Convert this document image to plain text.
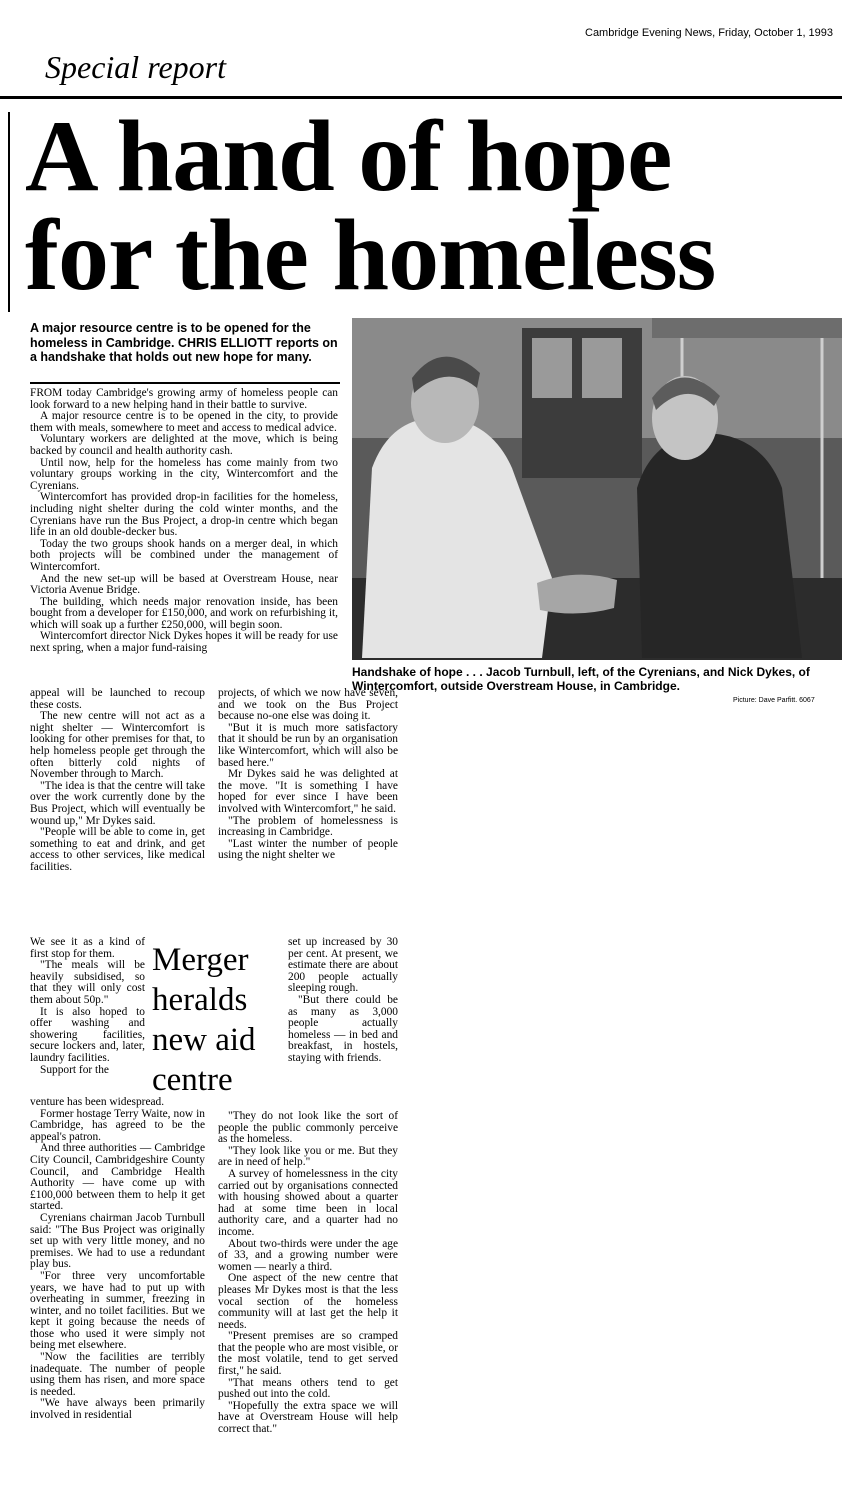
Cambridge Evening News, Friday, October 1, 1993
Special report
A hand of hope
for the homeless
A major resource centre is to be opened for the homeless in Cambridge. CHRIS ELLIOTT reports on a handshake that holds out new hope for many.
Handshake of hope . . . Jacob Turnbull, left, of the Cyrenians, and Nick Dykes, of Wintercomfort, outside Overstream House, in Cambridge.
Picture: Dave Parfitt. 6067

FROM today Cambridge's growing army of homeless people can look forward to a new helping hand in their battle to survive.

A major resource centre is to be opened in the city, to provide them with meals, somewhere to meet and access to medical advice.

Voluntary workers are delighted at the move, which is being backed by council and health authority cash.

Until now, help for the homeless has come mainly from two voluntary groups working in the city, Wintercomfort and the Cyrenians.

Wintercomfort has provided drop-in facilities for the homeless, including night shelter during the cold winter months, and the Cyrenians have run the Bus Project, a drop-in centre which began life in an old double-decker bus.

Today the two groups shook hands on a merger deal, in which both projects will be combined under the management of Wintercomfort.

And the new set-up will be based at Overstream House, near Victoria Avenue Bridge.

The building, which needs major renovation inside, has been bought from a developer for £150,000, and work on refurbishing it, which will soak up a further £250,000, will begin soon.

Wintercomfort director Nick Dykes hopes it will be ready for use next spring, when a major fund-raising

appeal will be launched to recoup these costs.

The new centre will not act as a night shelter — Wintercomfort is looking for other premises for that, to help homeless people get through the often bitterly cold nights of November through to March.

"The idea is that the centre will take over the work currently done by the Bus Project, which will eventually be wound up," Mr Dykes said.

"People will be able to come in, get something to eat and drink, and get access to other services, like medical facilities.

projects, of which we now have seven, and we took on the Bus Project because no-one else was doing it.

"But it is much more satisfactory that it should be run by an organisation like Wintercomfort, which will also be based here."

Mr Dykes said he was delighted at the move. "It is something I have hoped for ever since I have been involved with Wintercomfort," he said.

"The problem of homelessness is increasing in Cambridge.

"Last winter the number of people using the night shelter we

We see it as a kind of first stop for them.

"The meals will be heavily subsidised, so that they will only cost them about 50p."

It is also hoped to offer washing and showering facilities, secure lockers and, later, laundry facilities.

Support for the

Merger heralds new aid centre

set up increased by 30 per cent. At present, we estimate there are about 200 people actually sleeping rough.

"But there could be as many as 3,000 people actually homeless — in bed and breakfast, in hostels, staying with friends.

venture has been widespread.

Former hostage Terry Waite, now in Cambridge, has agreed to be the appeal's patron.

And three authorities — Cambridge City Council, Cambridgeshire County Council, and Cambridge Health Authority — have come up with £100,000 between them to help it get started.

Cyrenians chairman Jacob Turnbull said: "The Bus Project was originally set up with very little money, and no premises. We had to use a redundant play bus.

"For three very uncomfortable years, we have had to put up with overheating in summer, freezing in winter, and no toilet facilities. But we kept it going because the needs of those who used it were simply not being met elsewhere.

"Now the facilities are terribly inadequate. The number of people using them has risen, and more space is needed.

"We have always been primarily involved in residential

"They do not look like the sort of people the public commonly perceive as the homeless.

"They look like you or me. But they are in need of help."

A survey of homelessness in the city carried out by organisations connected with housing showed about a quarter had at some time been in local authority care, and a quarter had no income.

About two-thirds were under the age of 33, and a growing number were women — nearly a third.

One aspect of the new centre that pleases Mr Dykes most is that the less vocal section of the homeless community will at last get the help it needs.

"Present premises are so cramped that the people who are most visible, or the most volatile, tend to get served first," he said.

"That means others tend to get pushed out into the cold.

"Hopefully the extra space we will have at Overstream House will help correct that."
